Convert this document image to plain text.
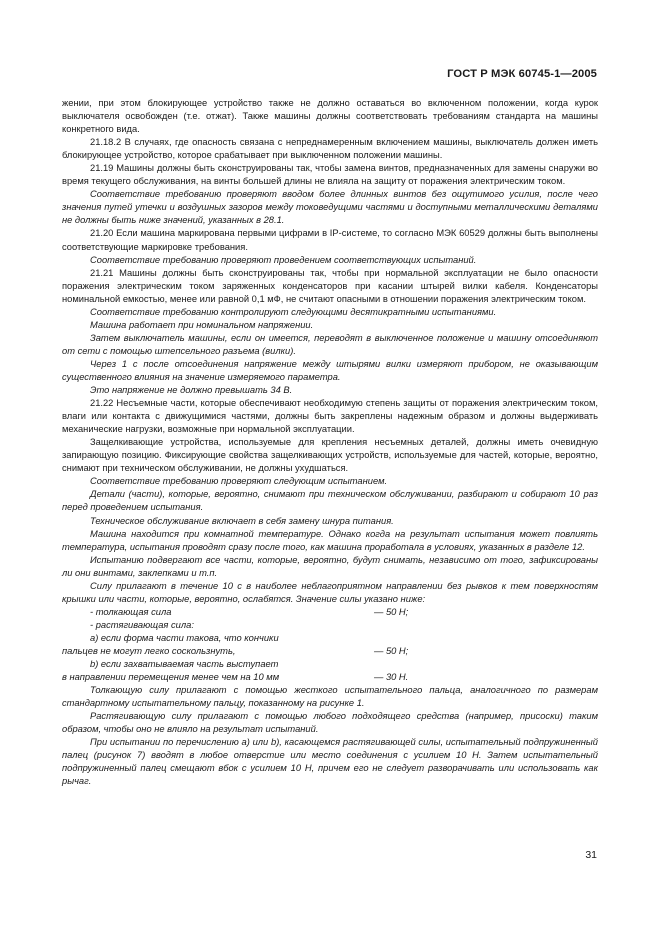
ГОСТ Р МЭК 60745-1—2005

жении, при этом блокирующее устройство также не должно оставаться во включенном положении, когда курок выключателя освобожден (т.е. отжат). Также машины должны соответствовать требованиям стандарта на машины конкретного вида.

21.18.2 В случаях, где опасность связана с непреднамеренным включением машины, выключатель должен иметь блокирующее устройство, которое срабатывает при выключенном положении машины.

21.19 Машины должны быть сконструированы так, чтобы замена винтов, предназначенных для замены снаружи во время текущего обслуживания, на винты большей длины не влияла на защиту от поражения электрическим током.

Соответствие требованию проверяют вводом более длинных винтов без ощутимого усилия, после чего значения путей утечки и воздушных зазоров между токоведущими частями и доступными металлическими деталями не должны быть ниже значений, указанных в 28.1.

21.20 Если машина маркирована первыми цифрами в IP-системе, то согласно МЭК 60529 должны быть выполнены соответствующие маркировке требования.

Соответствие требованию проверяют проведением соответствующих испытаний.

21.21 Машины должны быть сконструированы так, чтобы при нормальной эксплуатации не было опасности поражения электрическим током заряженных конденсаторов при касании штырей вилки кабеля. Конденсаторы номинальной емкостью, менее или равной 0,1 мФ, не считают опасными в отношении поражения электрическим током.

Соответствие требованию контролируют следующими десятикратными испытаниями.

Машина работает при номинальном напряжении.

Затем выключатель машины, если он имеется, переводят в выключенное положение и машину отсоединяют от сети с помощью штепсельного разъема (вилки).

Через 1 с после отсоединения напряжение между штырями вилки измеряют прибором, не оказывающим существенного влияния на значение измеряемого параметра.

Это напряжение не должно превышать 34 В.

21.22 Несъемные части, которые обеспечивают необходимую степень защиты от поражения электрическим током, влаги или контакта с движущимися частями, должны быть закреплены надежным образом и должны выдерживать механические нагрузки, возможные при нормальной эксплуатации.

Защелкивающие устройства, используемые для крепления несъемных деталей, должны иметь очевидную запирающую позицию. Фиксирующие свойства защелкивающих устройств, используемые для частей, которые, вероятно, снимают при техническом обслуживании, не должны ухудшаться.

Соответствие требованию проверяют следующим испытанием.

Детали (части), которые, вероятно, снимают при техническом обслуживании, разбирают и собирают 10 раз перед проведением испытания.

Техническое обслуживание включает в себя замену шнура питания.

Машина находится при комнатной температуре. Однако когда на результат испытания может повлиять температура, испытания проводят сразу после того, как машина проработала в условиях, указанных в разделе 12.

Испытанию подвергают все части, которые, вероятно, будут снимать, независимо от того, зафиксированы ли они винтами, заклепками и т.п.

Силу прилагают в течение 10 с в наиболее неблагоприятном направлении без рывков к тем поверхностям крышки или части, которые, вероятно, ослабятся. Значение силы указано ниже:

- толкающая сила	— 50 Н;
- растягивающая сила:
а) если форма части такова, что кончики
пальцев не могут легко соскользнуть,	— 50 Н;
b) если захватываемая часть выступает
в направлении перемещения менее чем на 10 мм	— 30 Н.

Толкающую силу прилагают с помощью жесткого испытательного пальца, аналогичного по размерам стандартному испытательному пальцу, показанному на рисунке 1.

Растягивающую силу прилагают с помощью любого подходящего средства (например, присоски) таким образом, чтобы оно не влияло на результат испытаний.

При испытании по перечислению а) или b), касающемся растягивающей силы, испытательный подпружиненный палец (рисунок 7) вводят в любое отверстие или место соединения с усилием 10 Н. Затем испытательный подпружиненный палец смещают вбок с усилием 10 Н, причем его не следует разворачивать или использовать как рычаг.

31
